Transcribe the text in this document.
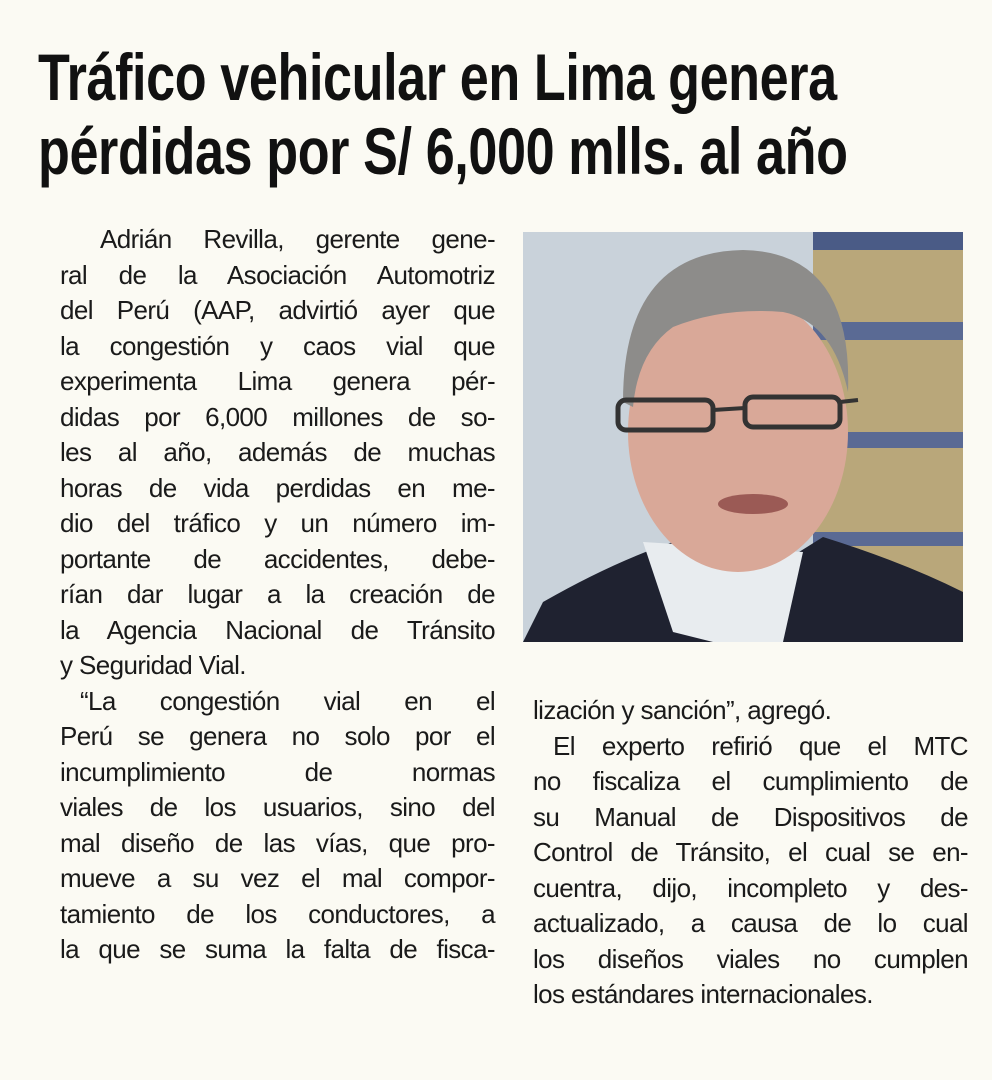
Tráfico vehicular en Lima genera
pérdidas por S/ 6,000 mlls. al año
Adrián Revilla, gerente gene-
ral de la Asociación Automotriz
del Perú (AAP, advirtió ayer que
la congestión y caos vial que
experimenta Lima genera pér-
didas por 6,000 millones de so-
les al año, además de muchas
horas de vida perdidas en me-
dio del tráfico y un número im-
portante de accidentes, debe-
rían dar lugar a la creación de
la Agencia Nacional de Tránsito
y Seguridad Vial.
“La congestión vial en el
Perú se genera no solo por el
incumplimiento de normas
viales de los usuarios, sino del
mal diseño de las vías, que pro-
mueve a su vez el mal compor-
tamiento de los conductores, a
la que se suma la falta de fisca-
lización y sanción”, agregó.
El experto refirió que el MTC
no fiscaliza el cumplimiento de
su Manual de Dispositivos de
Control de Tránsito, el cual se en-
cuentra, dijo, incompleto y des-
actualizado, a causa de lo cual
los diseños viales no cumplen
los estándares internacionales.
